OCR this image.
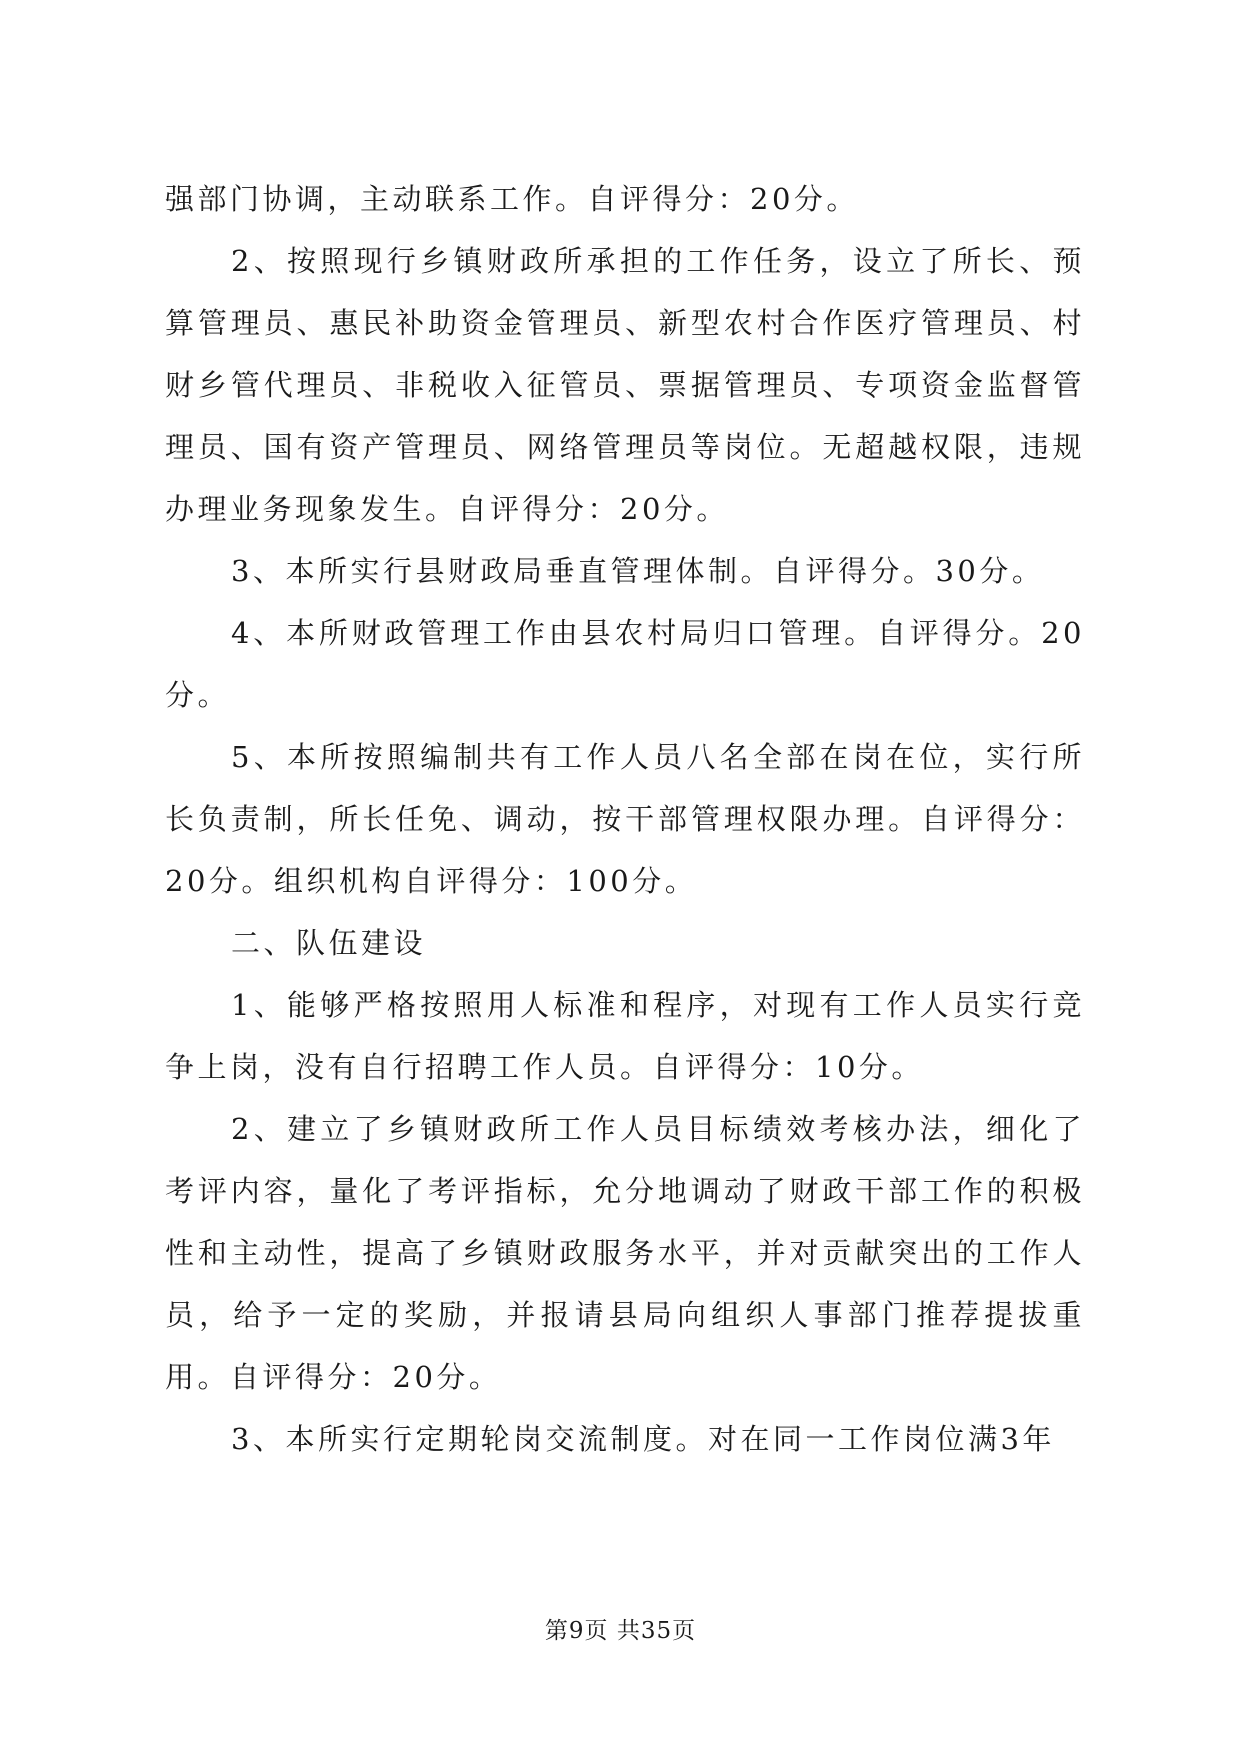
强部门协调，主动联系工作。自评得分：20分。

2、按照现行乡镇财政所承担的工作任务，设立了所长、预算管理员、惠民补助资金管理员、新型农村合作医疗管理员、村财乡管代理员、非税收入征管员、票据管理员、专项资金监督管理员、国有资产管理员、网络管理员等岗位。无超越权限，违规办理业务现象发生。自评得分：20分。

3、本所实行县财政局垂直管理体制。自评得分。30分。

4、本所财政管理工作由县农村局归口管理。自评得分。20分。

5、本所按照编制共有工作人员八名全部在岗在位，实行所长负责制，所长任免、调动，按干部管理权限办理。自评得分：20分。组织机构自评得分：100分。

二、队伍建设

1、能够严格按照用人标准和程序，对现有工作人员实行竞争上岗，没有自行招聘工作人员。自评得分：10分。

2、建立了乡镇财政所工作人员目标绩效考核办法，细化了考评内容，量化了考评指标，允分地调动了财政干部工作的积极性和主动性，提高了乡镇财政服务水平，并对贡献突出的工作人员，给予一定的奖励，并报请县局向组织人事部门推荐提拔重用。自评得分：20分。

3、本所实行定期轮岗交流制度。对在同一工作岗位满3年

第9页 共35页
